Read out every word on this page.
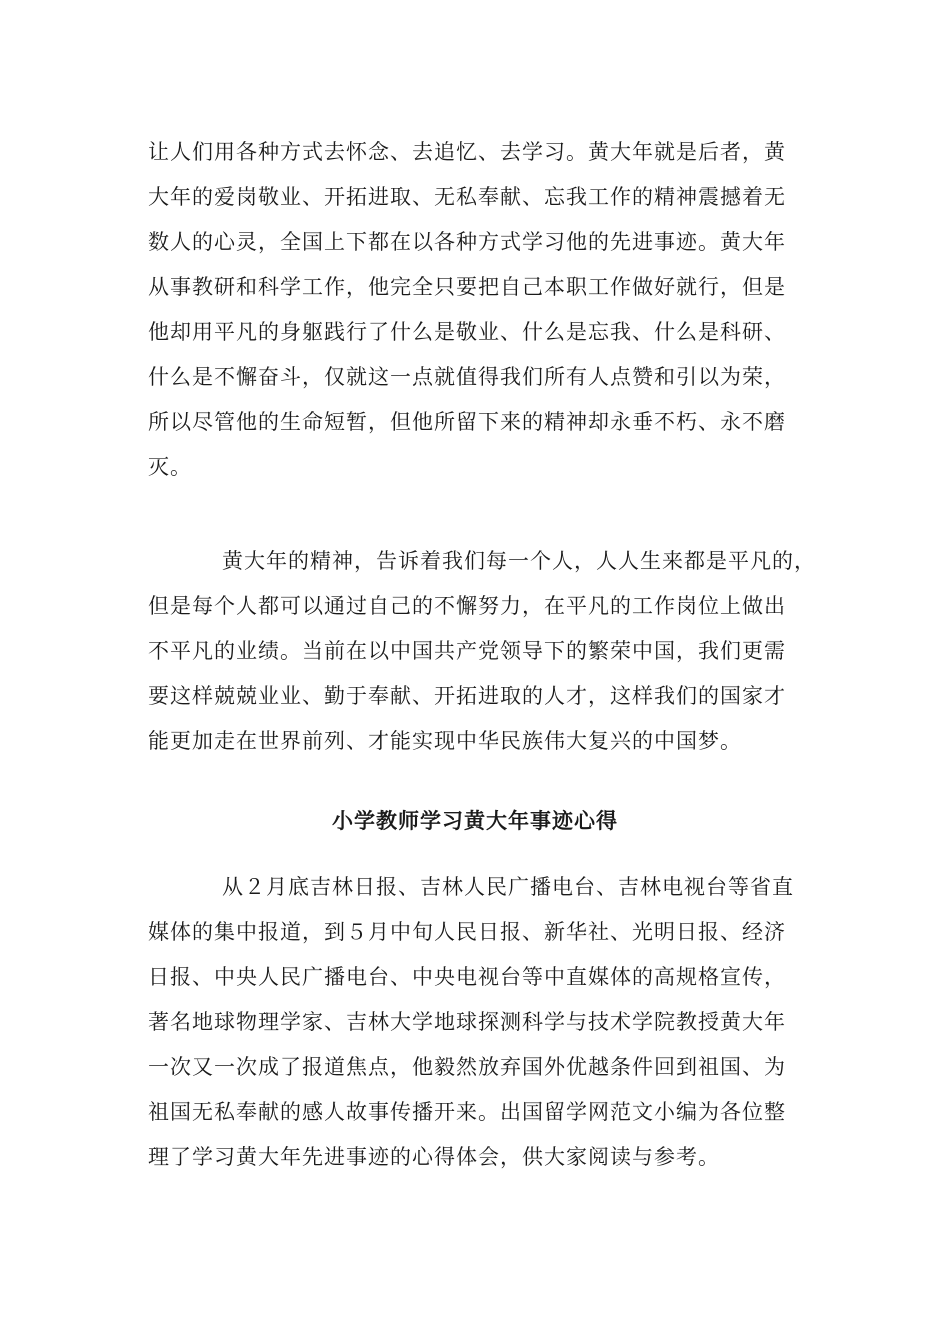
让人们用各种方式去怀念、去追忆、去学习。黄大年就是后者，黄
大年的爱岗敬业、开拓进取、无私奉献、忘我工作的精神震撼着无
数人的心灵，全国上下都在以各种方式学习他的先进事迹。黄大年
从事教研和科学工作，他完全只要把自己本职工作做好就行，但是
他却用平凡的身躯践行了什么是敬业、什么是忘我、什么是科研、
什么是不懈奋斗，仅就这一点就值得我们所有人点赞和引以为荣，
所以尽管他的生命短暂，但他所留下来的精神却永垂不朽、永不磨
灭。
黄大年的精神，告诉着我们每一个人，人人生来都是平凡的，
但是每个人都可以通过自己的不懈努力，在平凡的工作岗位上做出
不平凡的业绩。当前在以中国共产党领导下的繁荣中国，我们更需
要这样兢兢业业、勤于奉献、开拓进取的人才，这样我们的国家才
能更加走在世界前列、才能实现中华民族伟大复兴的中国梦。
小学教师学习黄大年事迹心得
从２月底吉林日报、吉林人民广播电台、吉林电视台等省直
媒体的集中报道，到５月中旬人民日报、新华社、光明日报、经济
日报、中央人民广播电台、中央电视台等中直媒体的高规格宣传，
著名地球物理学家、吉林大学地球探测科学与技术学院教授黄大年
一次又一次成了报道焦点，他毅然放弃国外优越条件回到祖国、为
祖国无私奉献的感人故事传播开来。出国留学网范文小编为各位整
理了学习黄大年先进事迹的心得体会，供大家阅读与参考。
